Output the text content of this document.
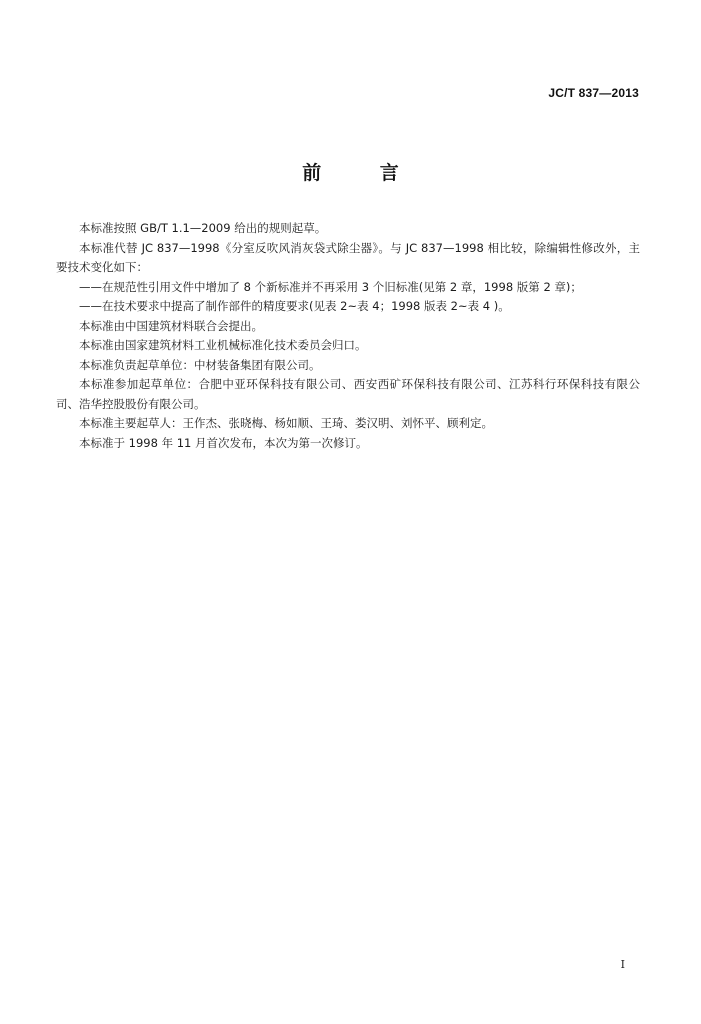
JC/T 837—2013
前 言

本标准按照 GB/T 1.1—2009 给出的规则起草。

本标准代替 JC 837—1998《分室反吹风消灰袋式除尘器》。与 JC 837—1998 相比较，除编辑性修改外，主要技术变化如下：

——在规范性引用文件中增加了 8 个新标准并不再采用 3 个旧标准(见第 2 章，1998 版第 2 章)；

——在技术要求中提高了制作部件的精度要求(见表 2~表 4；1998 版表 2~表 4 )。

本标准由中国建筑材料联合会提出。

本标准由国家建筑材料工业机械标准化技术委员会归口。

本标准负责起草单位：中材装备集团有限公司。

本标准参加起草单位：合肥中亚环保科技有限公司、西安西矿环保科技有限公司、江苏科行环保科技有限公司、浩华控股股份有限公司。

本标准主要起草人：王作杰、张晓梅、杨如顺、王琦、娄汉明、刘怀平、顾利定。

本标准于 1998 年 11 月首次发布，本次为第一次修订。

I
